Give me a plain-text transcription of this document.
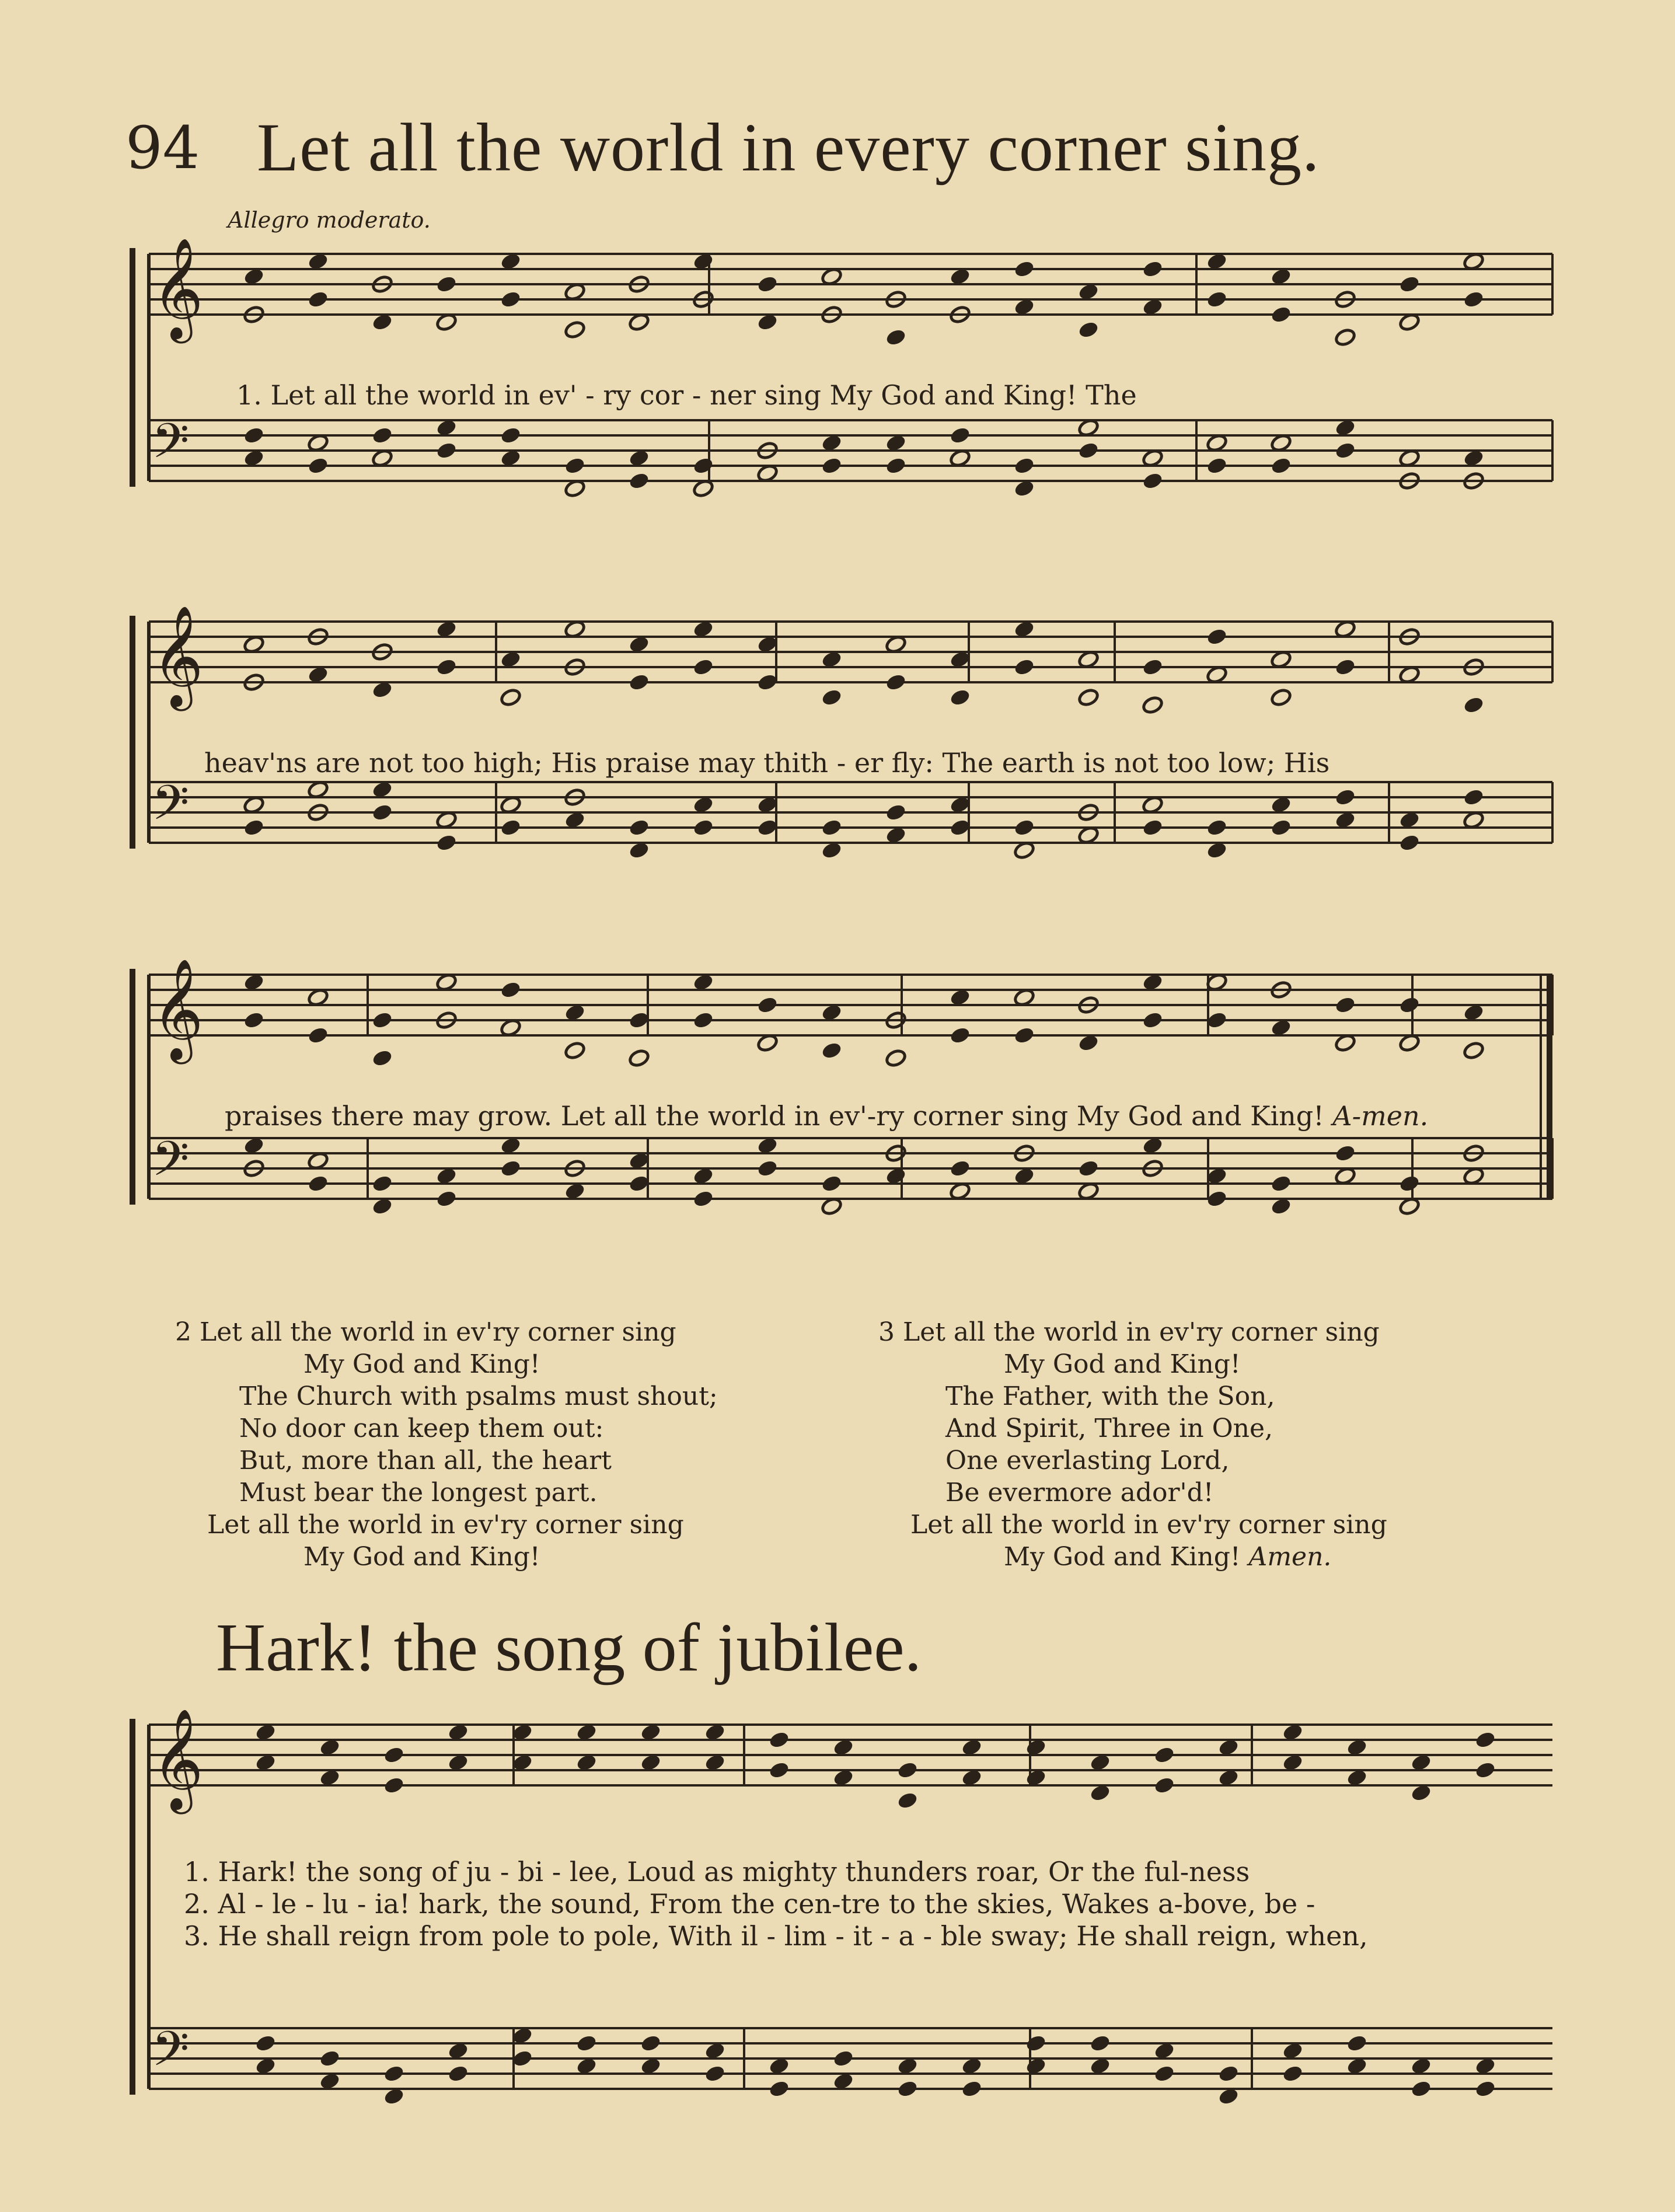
𝄞
𝄢
𝄞
𝄢
𝄞
𝄢
𝄞
𝄢
94 Let all the world in every corner sing.
Allegro moderato.
1. Let all the world in ev' - ry cor - ner sing My God and King! The
heav'ns are not too high; His praise may thith - er fly: The earth is not too low; His
praises there may grow. Let all the world in ev'-ry corner sing My God and King! A-men.
2 Let all the world in ev'ry corner sing
My God and King!
The Church with psalms must shout;
No door can keep them out:
But, more than all, the heart
Must bear the longest part.
Let all the world in ev'ry corner sing
My God and King!
3 Let all the world in ev'ry corner sing
My God and King!
The Father, with the Son,
And Spirit, Three in One,
One everlasting Lord,
Be evermore ador'd!
Let all the world in ev'ry corner sing
My God and King! Amen.
Hark! the song of jubilee.
1. Hark! the song of ju - bi - lee, Loud as mighty thunders roar, Or the ful-ness
2. Al - le - lu - ia! hark, the sound, From the cen-tre to the skies, Wakes a-bove, be -
3. He shall reign from pole to pole, With il - lim - it - a - ble sway; He shall reign, when,
